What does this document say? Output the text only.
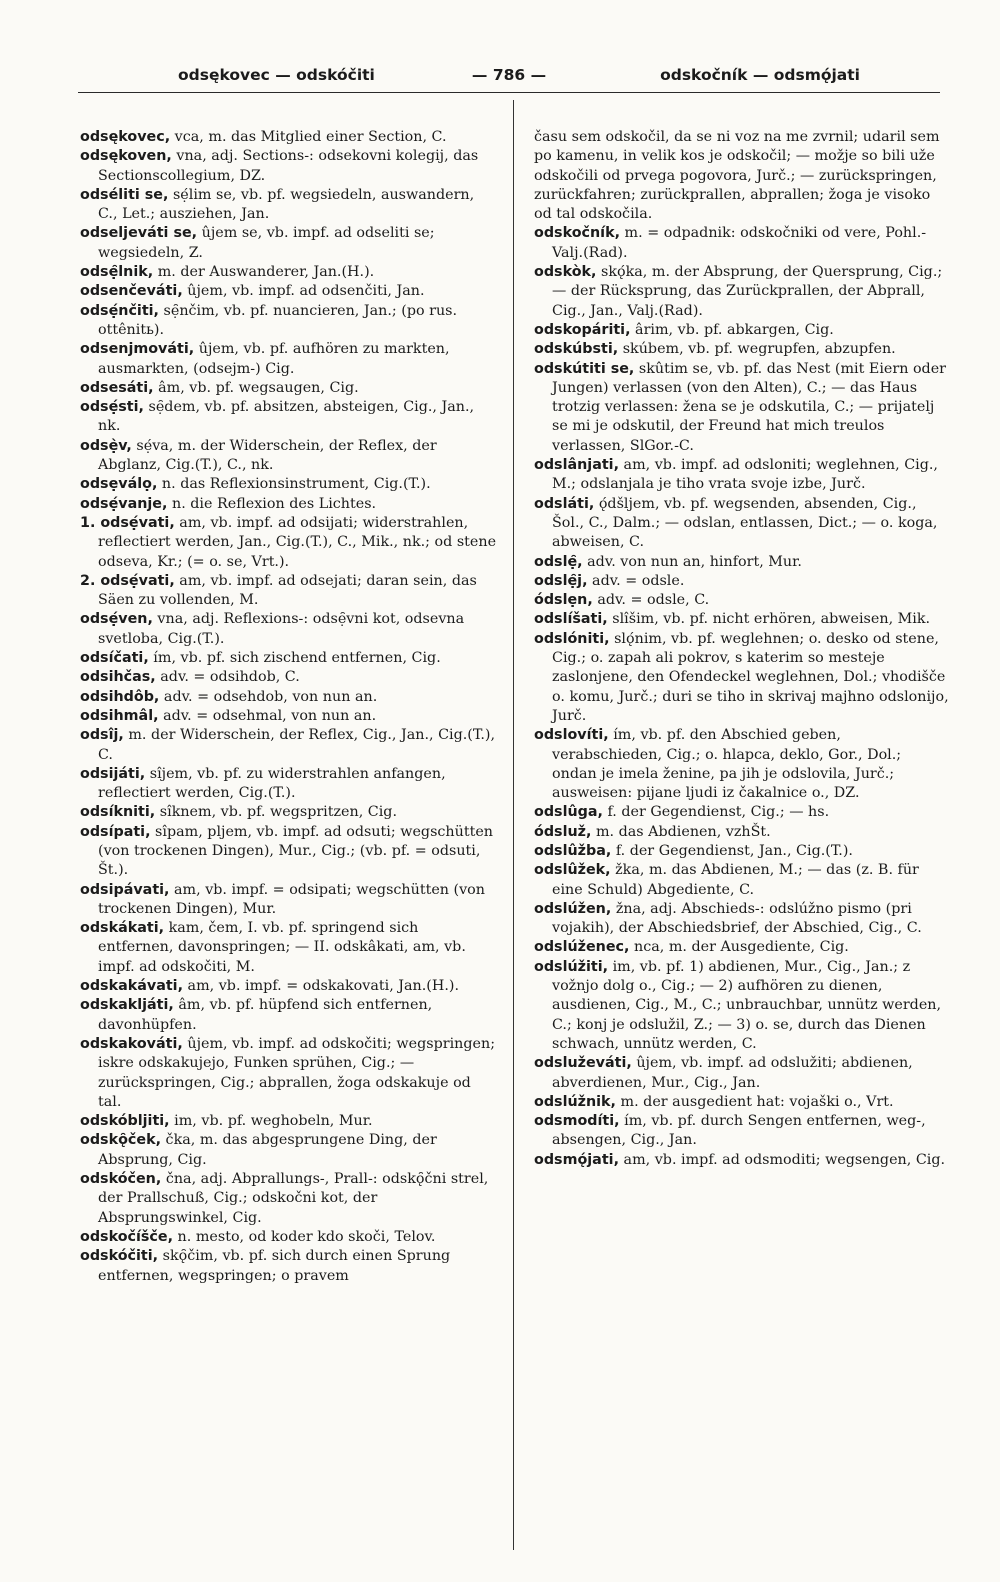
odsękovec — odskóčiti	— 786 —	odskočník — odsmǫ́jati

odsękovec, vca, m. das Mitglied einer Section, C.

odsękoven, vna, adj. Sections-: odsekovni kolegij, das Sectionscollegium, DZ.

odséliti se, sẹ́lim se, vb. pf. wegsiedeln, auswandern, C., Let.; ausziehen, Jan.

odseljeváti se, ûjem se, vb. impf. ad odseliti se; wegsiedeln, Z.

odsẹ̑lnik, m. der Auswanderer, Jan.(H.).

odsenčeváti, ûjem, vb. impf. ad odsenčiti, Jan.

odsẹ́nčiti, sẹ̑nčim, vb. pf. nuancieren, Jan.; (po rus. ottênitь).

odsenjmováti, ûjem, vb. pf. aufhören zu markten, ausmarkten, (odsejm-) Cig.

odsesáti, âm, vb. pf. wegsaugen, Cig.

odsẹ́sti, sẹ̑dem, vb. pf. absitzen, absteigen, Cig., Jan., nk.

odsẹ̀v, sẹ́va, m. der Widerschein, der Reflex, der Abglanz, Cig.(T.), C., nk.

odsẹválọ, n. das Reflexionsinstrument, Cig.(T.).

odsẹ́vanje, n. die Reflexion des Lichtes.

1. odsẹ́vati, am, vb. impf. ad odsijati; widerstrahlen, reflectiert werden, Jan., Cig.(T.), C., Mik., nk.; od stene odseva, Kr.; (= o. se, Vrt.).

2. odsẹ́vati, am, vb. impf. ad odsejati; daran sein, das Säen zu vollenden, M.

odsẹ́ven, vna, adj. Reflexions-: odsẹ̑vni kot, odsevna svetloba, Cig.(T.).

odsíčati, ím, vb. pf. sich zischend entfernen, Cig.

odsihčas, adv. = odsihdob, C.

odsihdôb, adv. = odsehdob, von nun an.

odsihmâl, adv. = odsehmal, von nun an.

odsîj, m. der Widerschein, der Reflex, Cig., Jan., Cig.(T.), C.

odsijáti, sîjem, vb. pf. zu widerstrahlen anfangen, reflectiert werden, Cig.(T.).

odsíkniti, sîknem, vb. pf. wegspritzen, Cig.

odsípati, sîpam, pljem, vb. impf. ad odsuti; wegschütten (von trockenen Dingen), Mur., Cig.; (vb. pf. = odsuti, Št.).

odsipávati, am, vb. impf. = odsipati; wegschütten (von trockenen Dingen), Mur.

odskákati, kam, čem, I. vb. pf. springend sich entfernen, davonspringen; — II. odskâkati, am, vb. impf. ad odskočiti, M.

odskakávati, am, vb. impf. = odskakovati, Jan.(H.).

odskakljáti, âm, vb. pf. hüpfend sich entfernen, davonhüpfen.

odskakováti, ûjem, vb. impf. ad odskočiti; wegspringen; iskre odskakujejo, Funken sprühen, Cig.; — zurückspringen, Cig.; abprallen, žoga odskakuje od tal.

odskóbljiti, im, vb. pf. weghobeln, Mur.

odskǫ̑ček, čka, m. das abgesprungene Ding, der Absprung, Cig.

odskóčen, čna, adj. Abprallungs-, Prall-: odskǫ̑čni strel, der Prallschuß, Cig.; odskočni kot, der Absprungswinkel, Cig.

odskočíšče, n. mesto, od koder kdo skoči, Telov.

odskóčiti, skǫ̑čim, vb. pf. sich durch einen Sprung entfernen, wegspringen; o pravem

času sem odskočil, da se ni voz na me zvrnil; udaril sem po kamenu, in velik kos je odskočil; — možje so bili uže odskočili od prvega pogovora, Jurč.; — zurückspringen, zurückfahren; zurückprallen, abprallen; žoga je visoko od tal odskočila.

odskočník, m. = odpadnik: odskočniki od vere, Pohl.-Valj.(Rad).

odskòk, skǫ́ka, m. der Absprung, der Quersprung, Cig.; — der Rücksprung, das Zurückprallen, der Abprall, Cig., Jan., Valj.(Rad).

odskopáriti, ârim, vb. pf. abkargen, Cig.

odskúbsti, skúbem, vb. pf. wegrupfen, abzupfen.

odskútiti se, skûtim se, vb. pf. das Nest (mit Eiern oder Jungen) verlassen (von den Alten), C.; — das Haus trotzig verlassen: žena se je odskutila, C.; — prijatelj se mi je odskutil, der Freund hat mich treulos verlassen, SlGor.-C.

odslânjati, am, vb. impf. ad odsloniti; weglehnen, Cig., M.; odslanjala je tiho vrata svoje izbe, Jurč.

odsláti, ǫ́dšljem, vb. pf. wegsenden, absenden, Cig., Šol., C., Dalm.; — odslan, entlassen, Dict.; — o. koga, abweisen, C.

odslẹ̑, adv. von nun an, hinfort, Mur.

odslẹ̑j, adv. = odsle.

ódslẹn, adv. = odsle, C.

odslíšati, slîšim, vb. pf. nicht erhören, abweisen, Mik.

odslóniti, slǫ́nim, vb. pf. weglehnen; o. desko od stene, Cig.; o. zapah ali pokrov, s katerim so mesteje zaslonjene, den Ofendeckel weglehnen, Dol.; vhodišče o. komu, Jurč.; duri se tiho in skrivaj majhno odslonijo, Jurč.

odslovíti, ím, vb. pf. den Abschied geben, verabschieden, Cig.; o. hlapca, deklo, Gor., Dol.; ondan je imela ženine, pa jih je odslovila, Jurč.; ausweisen: pijane ljudi iz čakalnice o., DZ.

odslûga, f. der Gegendienst, Cig.; — hs.

ódsluž, m. das Abdienen, vzhŠt.

odslûžba, f. der Gegendienst, Jan., Cig.(T.).

odslûžek, žka, m. das Abdienen, M.; — das (z. B. für eine Schuld) Abgediente, C.

odslúžen, žna, adj. Abschieds-: odslúžno pismo (pri vojakih), der Abschiedsbrief, der Abschied, Cig., C.

odslúženec, nca, m. der Ausgediente, Cig.

odslúžiti, im, vb. pf. 1) abdienen, Mur., Cig., Jan.; z vožnjo dolg o., Cig.; — 2) aufhören zu dienen, ausdienen, Cig., M., C.; unbrauchbar, unnütz werden, C.; konj je odslužil, Z.; — 3) o. se, durch das Dienen schwach, unnütz werden, C.

odsluževáti, ûjem, vb. impf. ad odslužiti; abdienen, abverdienen, Mur., Cig., Jan.

odslúžnik, m. der ausgedient hat: vojaški o., Vrt.

odsmodíti, ím, vb. pf. durch Sengen entfernen, weg-, absengen, Cig., Jan.

odsmǫ́jati, am, vb. impf. ad odsmoditi; wegsengen, Cig.
